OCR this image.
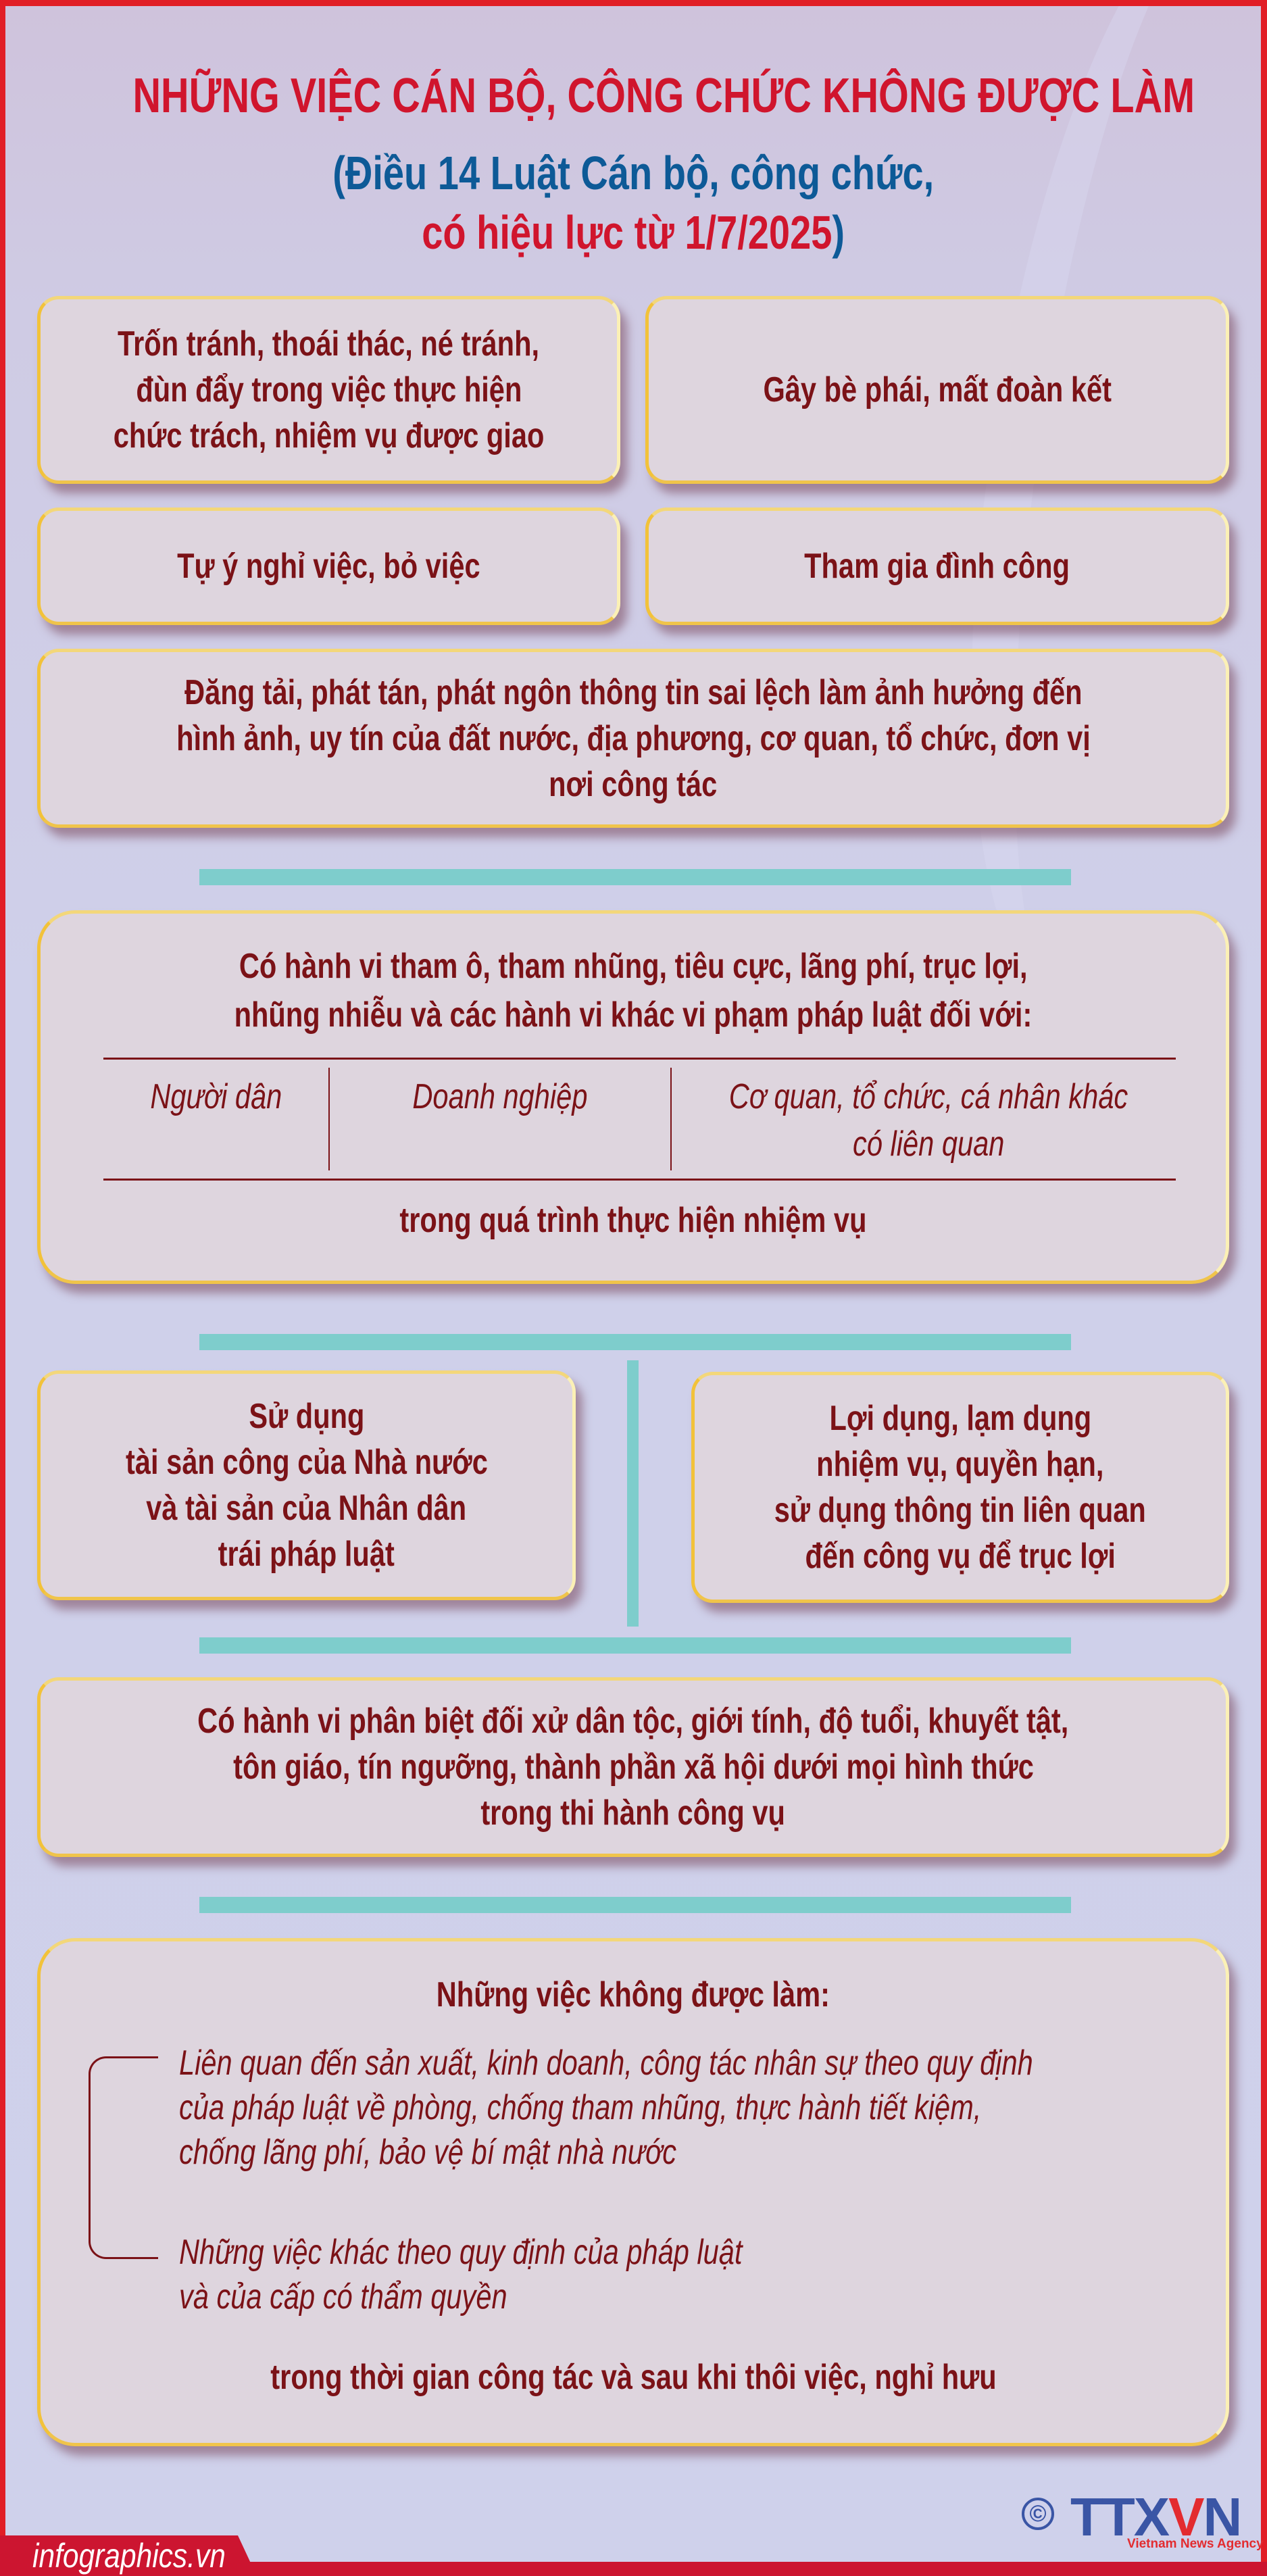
NHỮNG VIỆC CÁN BỘ, CÔNG CHỨC KHÔNG ĐƯỢC LÀM
(Điều 14 Luật Cán bộ, công chức,
có hiệu lực từ 1/7/2025)
Trốn tránh, thoái thác, né tránh,
đùn đẩy trong việc thực hiện
chức trách, nhiệm vụ được giao
Gây bè phái, mất đoàn kết
Tự ý nghỉ việc, bỏ việc	Tham gia đình công
Đăng tải, phát tán, phát ngôn thông tin sai lệch làm ảnh hưởng đến
hình ảnh, uy tín của đất nước, địa phương, cơ quan, tổ chức, đơn vị
nơi công tác
Có hành vi tham ô, tham nhũng, tiêu cực, lãng phí, trục lợi,
nhũng nhiễu và các hành vi khác vi phạm pháp luật đối với:
Người dân	Doanh nghiệp	Cơ quan, tổ chức, cá nhân khác
có liên quan
trong quá trình thực hiện nhiệm vụ
Sử dụng
tài sản công của Nhà nước
và tài sản của Nhân dân
trái pháp luật
Lợi dụng, lạm dụng
nhiệm vụ, quyền hạn,
sử dụng thông tin liên quan
đến công vụ để trục lợi
Có hành vi phân biệt đối xử dân tộc, giới tính, độ tuổi, khuyết tật,
tôn giáo, tín ngưỡng, thành phần xã hội dưới mọi hình thức
trong thi hành công vụ
Những việc không được làm:
Liên quan đến sản xuất, kinh doanh, công tác nhân sự theo quy định
của pháp luật về phòng, chống tham nhũng, thực hành tiết kiệm,
chống lãng phí, bảo vệ bí mật nhà nước
Những việc khác theo quy định của pháp luật
và của cấp có thẩm quyền
trong thời gian công tác và sau khi thôi việc, nghỉ hưu
infographics.vn
© TTXVN
Vietnam News Agency
